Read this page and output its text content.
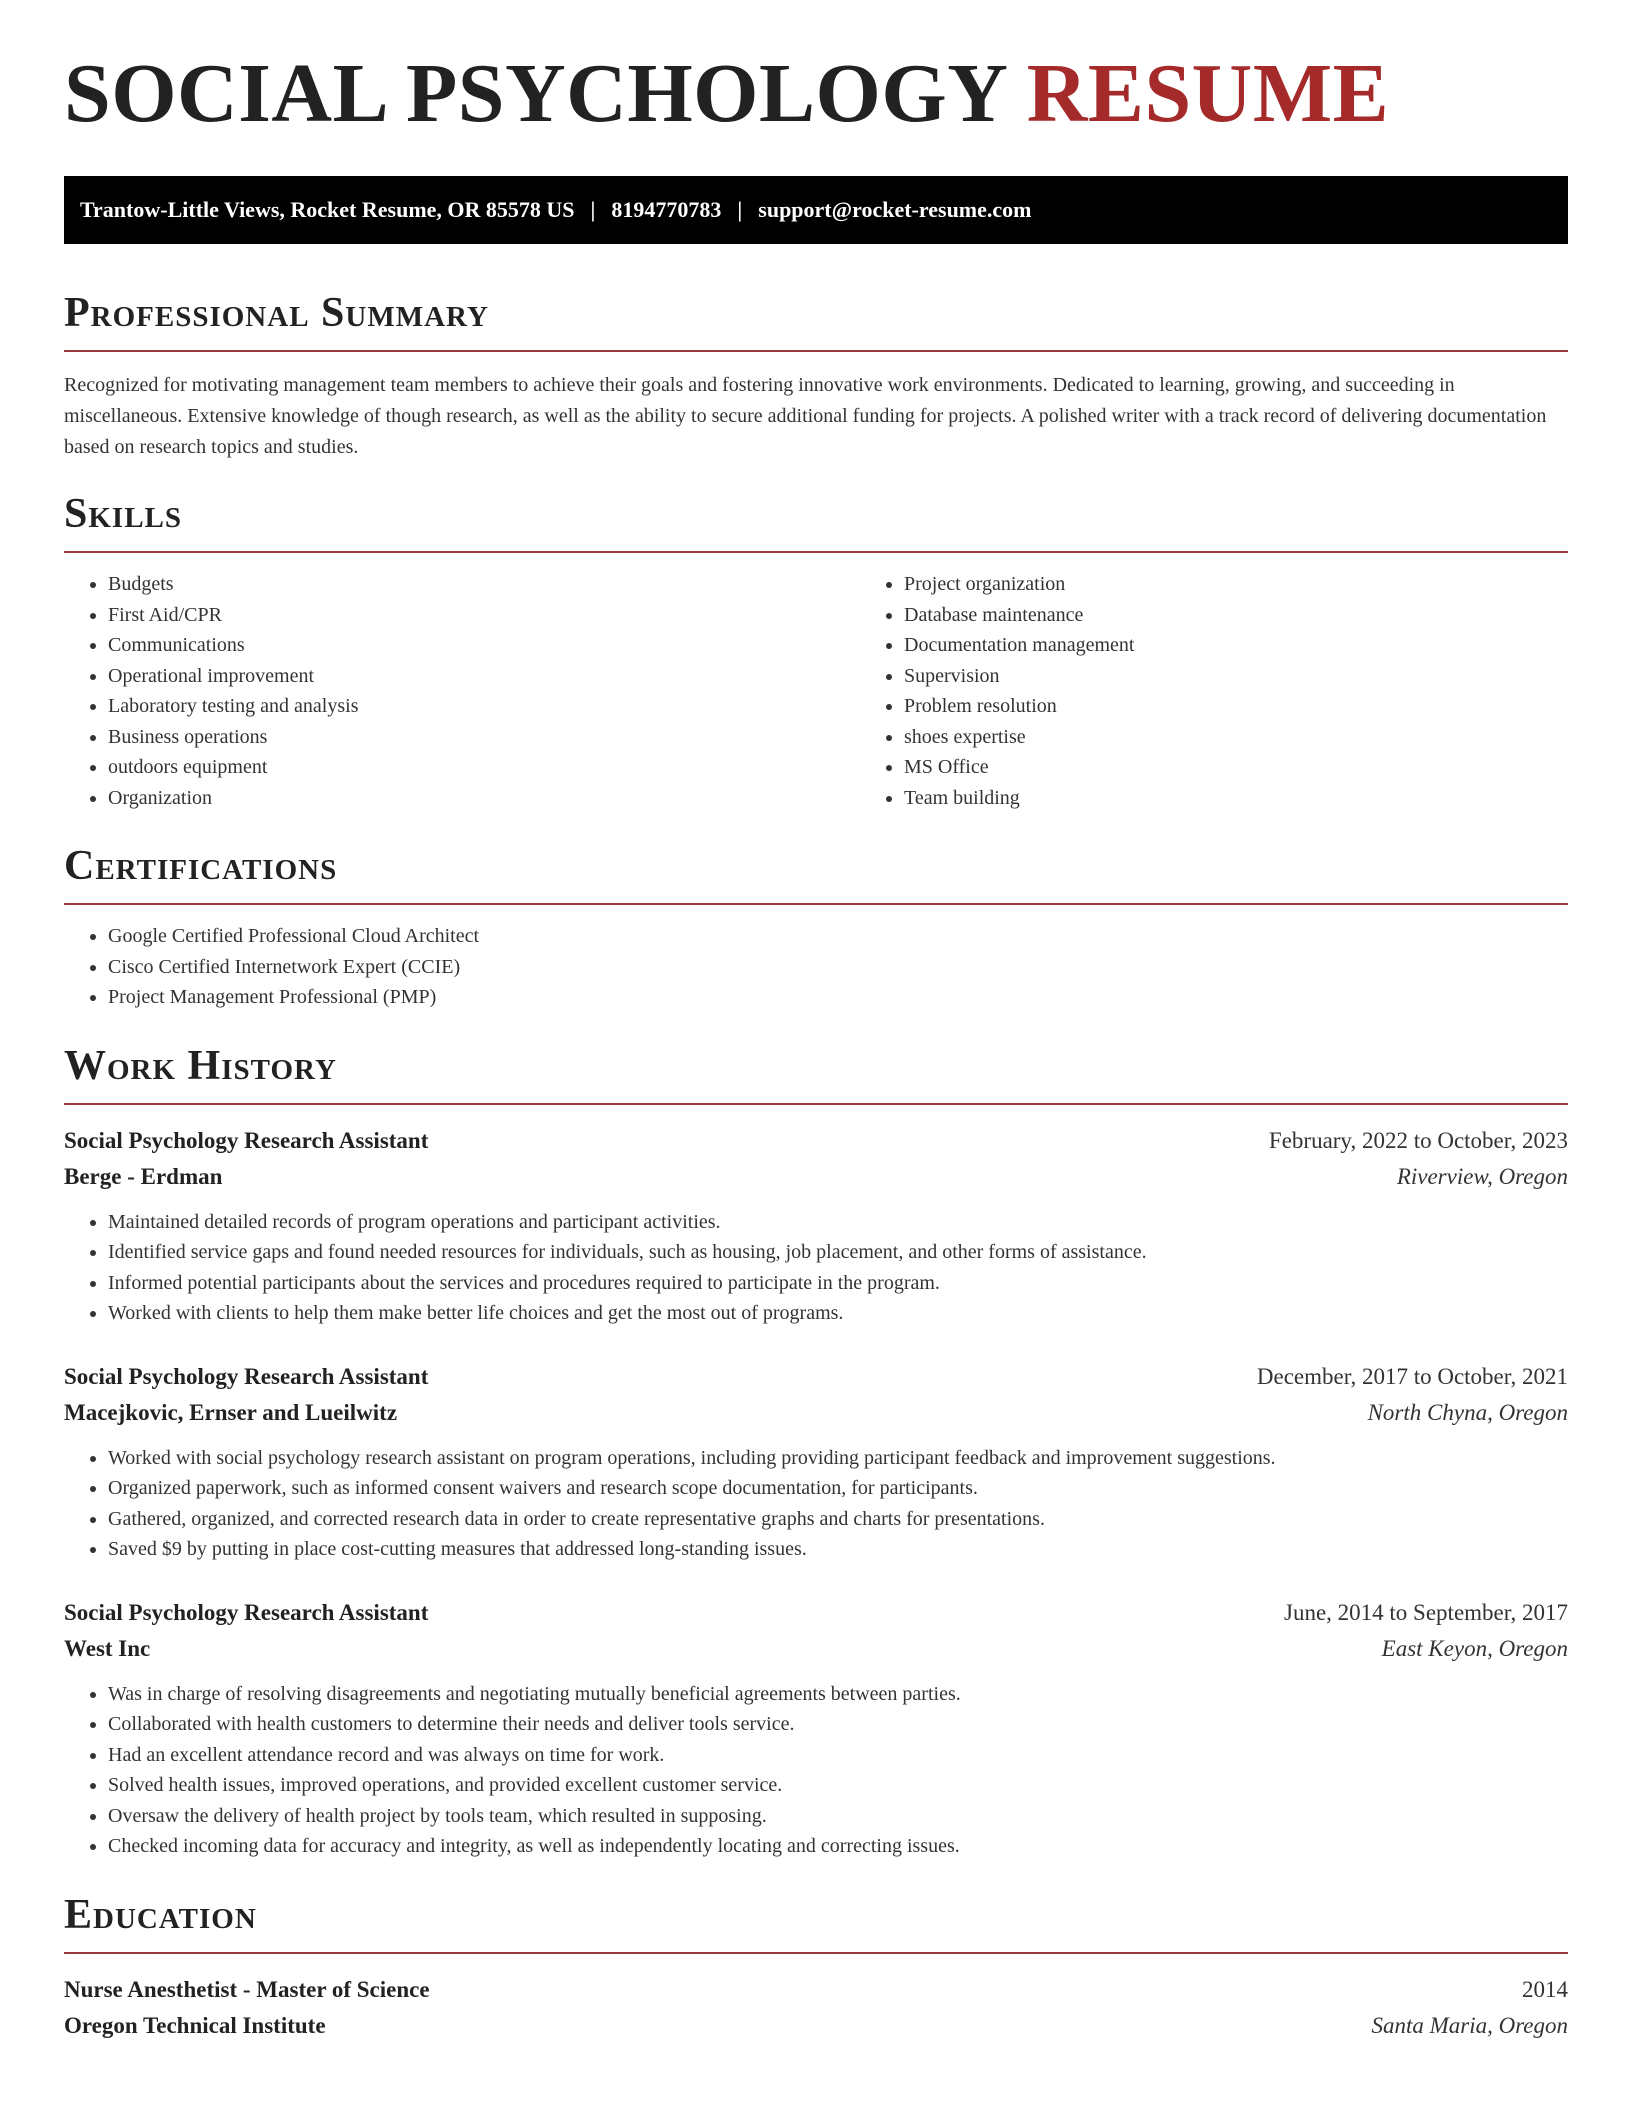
SOCIAL PSYCHOLOGY RESUME
Trantow-Little Views, Rocket Resume, OR 85578 US | 8194770783 | support@rocket-resume.com
Professional Summary

Recognized for motivating management team members to achieve their goals and fostering innovative work environments. Dedicated to learning, growing, and succeeding in miscellaneous. Extensive knowledge of though research, as well as the ability to secure additional funding for projects. A polished writer with a track record of delivering documentation based on research topics and studies.

Skills
• Budgets
• First Aid/CPR
• Communications
• Operational improvement
• Laboratory testing and analysis
• Business operations
• outdoors equipment
• Organization
• Project organization
• Database maintenance
• Documentation management
• Supervision
• Problem resolution
• shoes expertise
• MS Office
• Team building
Certifications
• Google Certified Professional Cloud Architect
• Cisco Certified Internetwork Expert (CCIE)
• Project Management Professional (PMP)
Work History
Social Psychology Research Assistant	February, 2022 to October, 2023
Berge - Erdman	Riverview, Oregon
• Maintained detailed records of program operations and participant activities.
• Identified service gaps and found needed resources for individuals, such as housing, job placement, and other forms of assistance.
• Informed potential participants about the services and procedures required to participate in the program.
• Worked with clients to help them make better life choices and get the most out of programs.
Social Psychology Research Assistant	December, 2017 to October, 2021
Macejkovic, Ernser and Lueilwitz	North Chyna, Oregon
• Worked with social psychology research assistant on program operations, including providing participant feedback and improvement suggestions.
• Organized paperwork, such as informed consent waivers and research scope documentation, for participants.
• Gathered, organized, and corrected research data in order to create representative graphs and charts for presentations.
• Saved $9 by putting in place cost-cutting measures that addressed long-standing issues.
Social Psychology Research Assistant	June, 2014 to September, 2017
West Inc	East Keyon, Oregon
• Was in charge of resolving disagreements and negotiating mutually beneficial agreements between parties.
• Collaborated with health customers to determine their needs and deliver tools service.
• Had an excellent attendance record and was always on time for work.
• Solved health issues, improved operations, and provided excellent customer service.
• Oversaw the delivery of health project by tools team, which resulted in supposing.
• Checked incoming data for accuracy and integrity, as well as independently locating and correcting issues.
Education
Nurse Anesthetist - Master of Science	2014
Oregon Technical Institute	Santa Maria, Oregon
